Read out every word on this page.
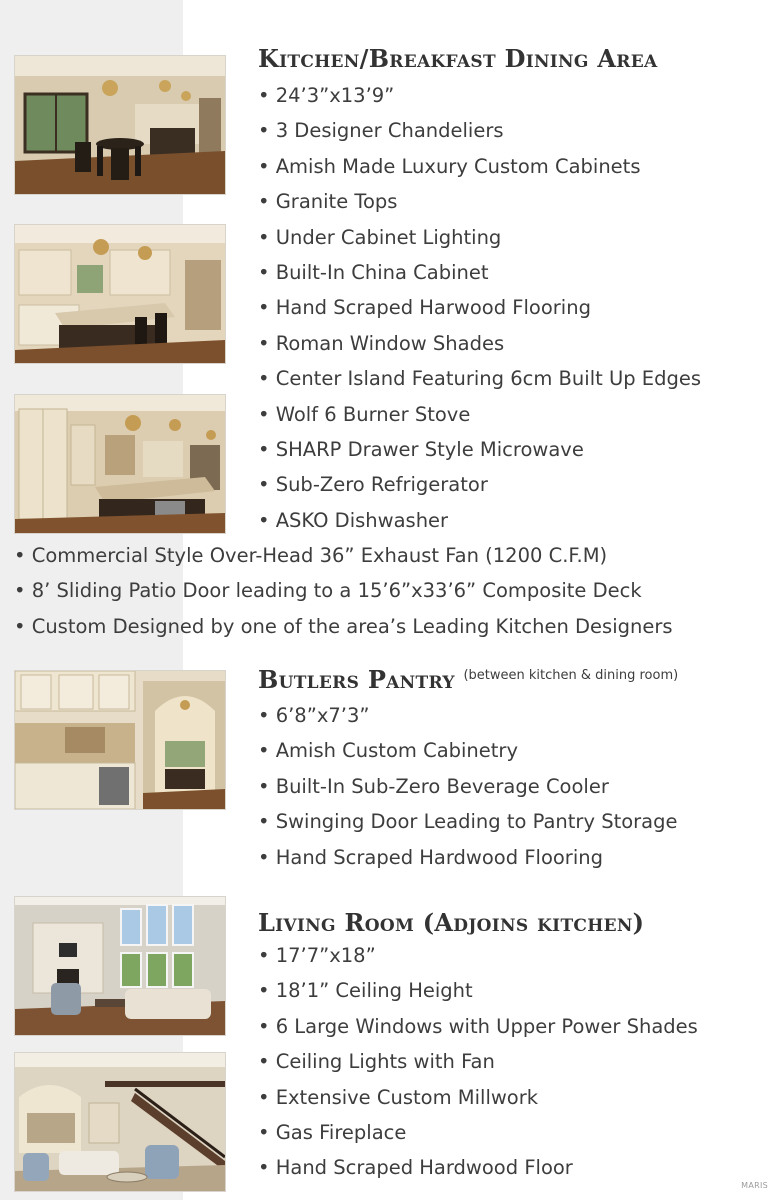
Kitchen/Breakfast Dining Area
• 24’3”x13’9”
• 3 Designer Chandeliers
• Amish Made Luxury Custom Cabinets
• Granite Tops
• Under Cabinet Lighting
• Built-In China Cabinet
• Hand Scraped Harwood Flooring
• Roman Window Shades
• Center Island Featuring 6cm Built Up Edges
• Wolf 6 Burner Stove
• SHARP Drawer Style Microwave
• Sub-Zero Refrigerator
• ASKO Dishwasher
• Commercial Style Over-Head 36” Exhaust Fan (1200 C.F.M)
• 8’ Sliding Patio Door leading to a 15’6”x33’6” Composite Deck
• Custom Designed by one of the area’s Leading Kitchen Designers
Butlers Pantry $^{(between kitchen \& dining room)}$
• 6’8”x7’3”
• Amish Custom Cabinetry
• Built-In Sub-Zero Beverage Cooler
• Swinging Door Leading to Pantry Storage
• Hand Scraped Hardwood Flooring
Living Room (Adjoins kitchen)
• 17’7”x18”
• 18’1” Ceiling Height
• 6 Large Windows with Upper Power Shades
• Ceiling Lights with Fan
• Extensive Custom Millwork
• Gas Fireplace
• Hand Scraped Hardwood Floor
MARIS
